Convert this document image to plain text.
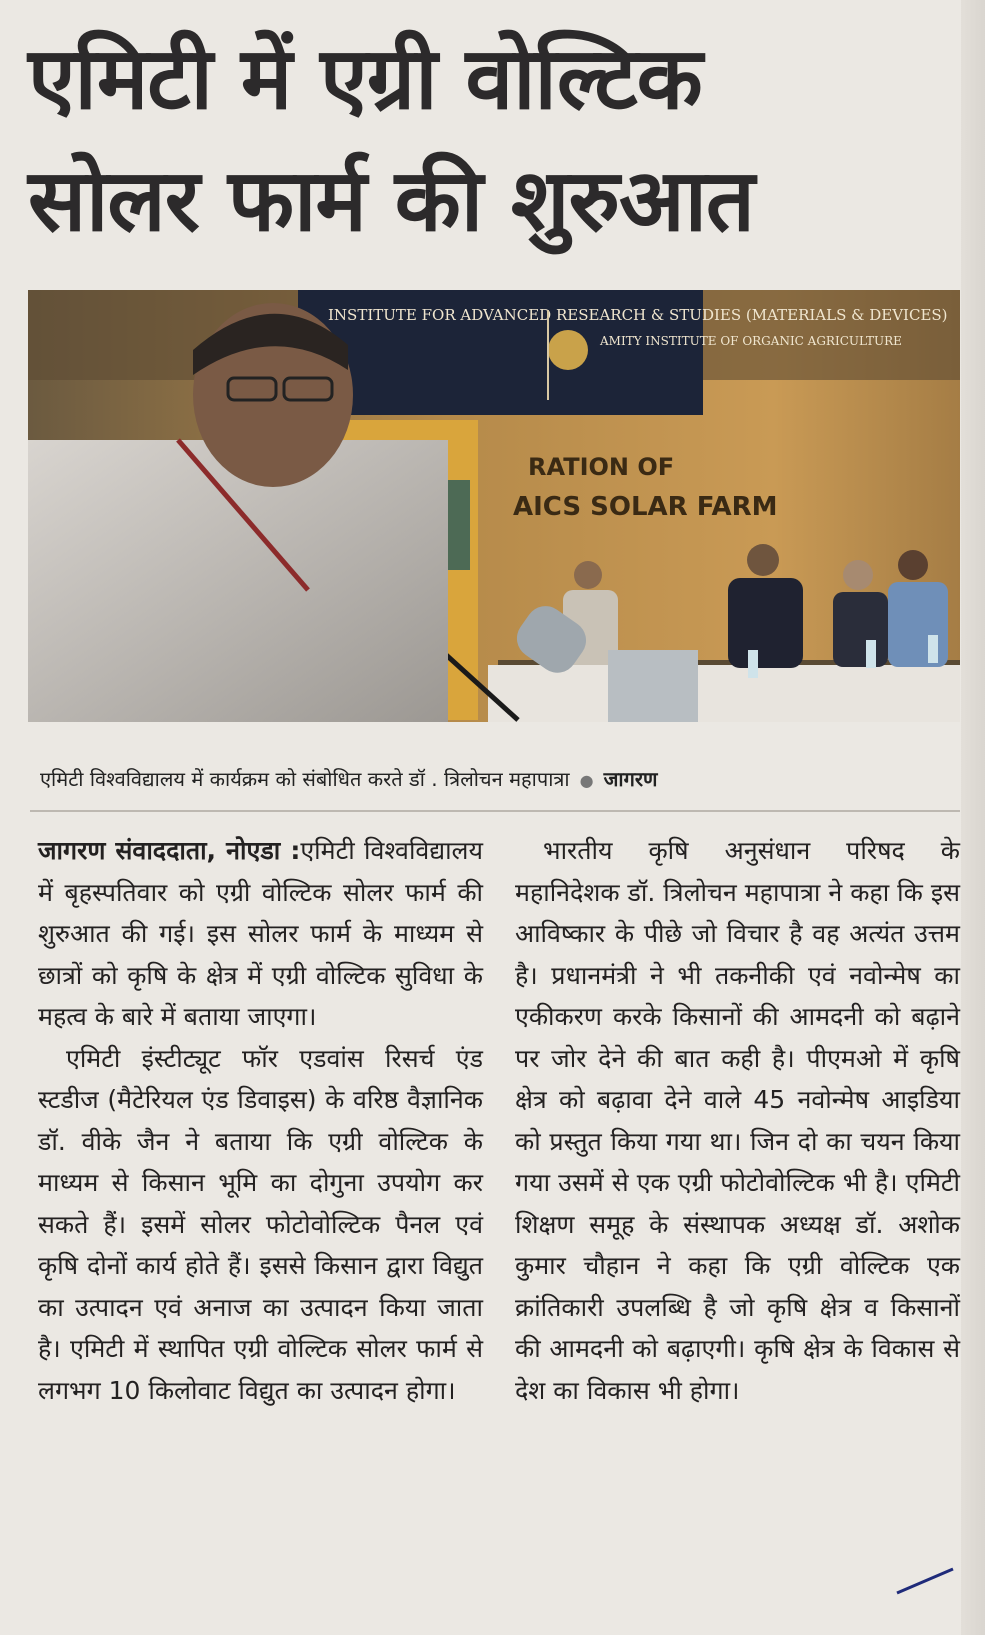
एमिटी में एग्री वोल्टिक
सोलर फार्म की शुरुआत
INSTITUTE FOR ADVANCED RESEARCH & STUDIES (MATERIALS & DEVICES)
AMITY INSTITUTE OF ORGANIC AGRICULTURE
RATION OF
AICS SOLAR FARM
एमिटी विश्वविद्यालय में कार्यक्रम को संबोधित करते डॉ . त्रिलोचन महापात्रा ● जागरण

जागरण संवाददाता, नोएडा :एमिटी विश्वविद्यालय में बृहस्पतिवार को एग्री वोल्टिक सोलर फार्म की शुरुआत की गई। इस सोलर फार्म के माध्यम से छात्रों को कृषि के क्षेत्र में एग्री वोल्टिक सुविधा के महत्व के बारे में बताया जाएगा।

एमिटी इंस्टीट्यूट फॉर एडवांस रिसर्च एंड स्टडीज (मैटेरियल एंड डिवाइस) के वरिष्ठ वैज्ञानिक डॉ. वीके जैन ने बताया कि एग्री वोल्टिक के माध्यम से किसान भूमि का दोगुना उपयोग कर सकते हैं। इसमें सोलर फोटोवोल्टिक पैनल एवं कृषि दोनों कार्य होते हैं। इससे किसान द्वारा विद्युत का उत्पादन एवं अनाज का उत्पादन किया जाता है। एमिटी में स्थापित एग्री वोल्टिक सोलर फार्म से लगभग 10 किलोवाट विद्युत का उत्पादन होगा।

भारतीय कृषि अनुसंधान परिषद के महानिदेशक डॉ. त्रिलोचन महापात्रा ने कहा कि इस आविष्कार के पीछे जो विचार है वह अत्यंत उत्तम है। प्रधानमंत्री ने भी तकनीकी एवं नवोन्मेष का एकीकरण करके किसानों की आमदनी को बढ़ाने पर जोर देने की बात कही है। पीएमओ में कृषि क्षेत्र को बढ़ावा देने वाले 45 नवोन्मेष आइडिया को प्रस्तुत किया गया था। जिन दो का चयन किया गया उसमें से एक एग्री फोटोवोल्टिक भी है। एमिटी शिक्षण समूह के संस्थापक अध्यक्ष डॉ. अशोक कुमार चौहान ने कहा कि एग्री वोल्टिक एक क्रांतिकारी उपलब्धि है जो कृषि क्षेत्र व किसानों की आमदनी को बढ़ाएगी। कृषि क्षेत्र के विकास से देश का विकास भी होगा।
